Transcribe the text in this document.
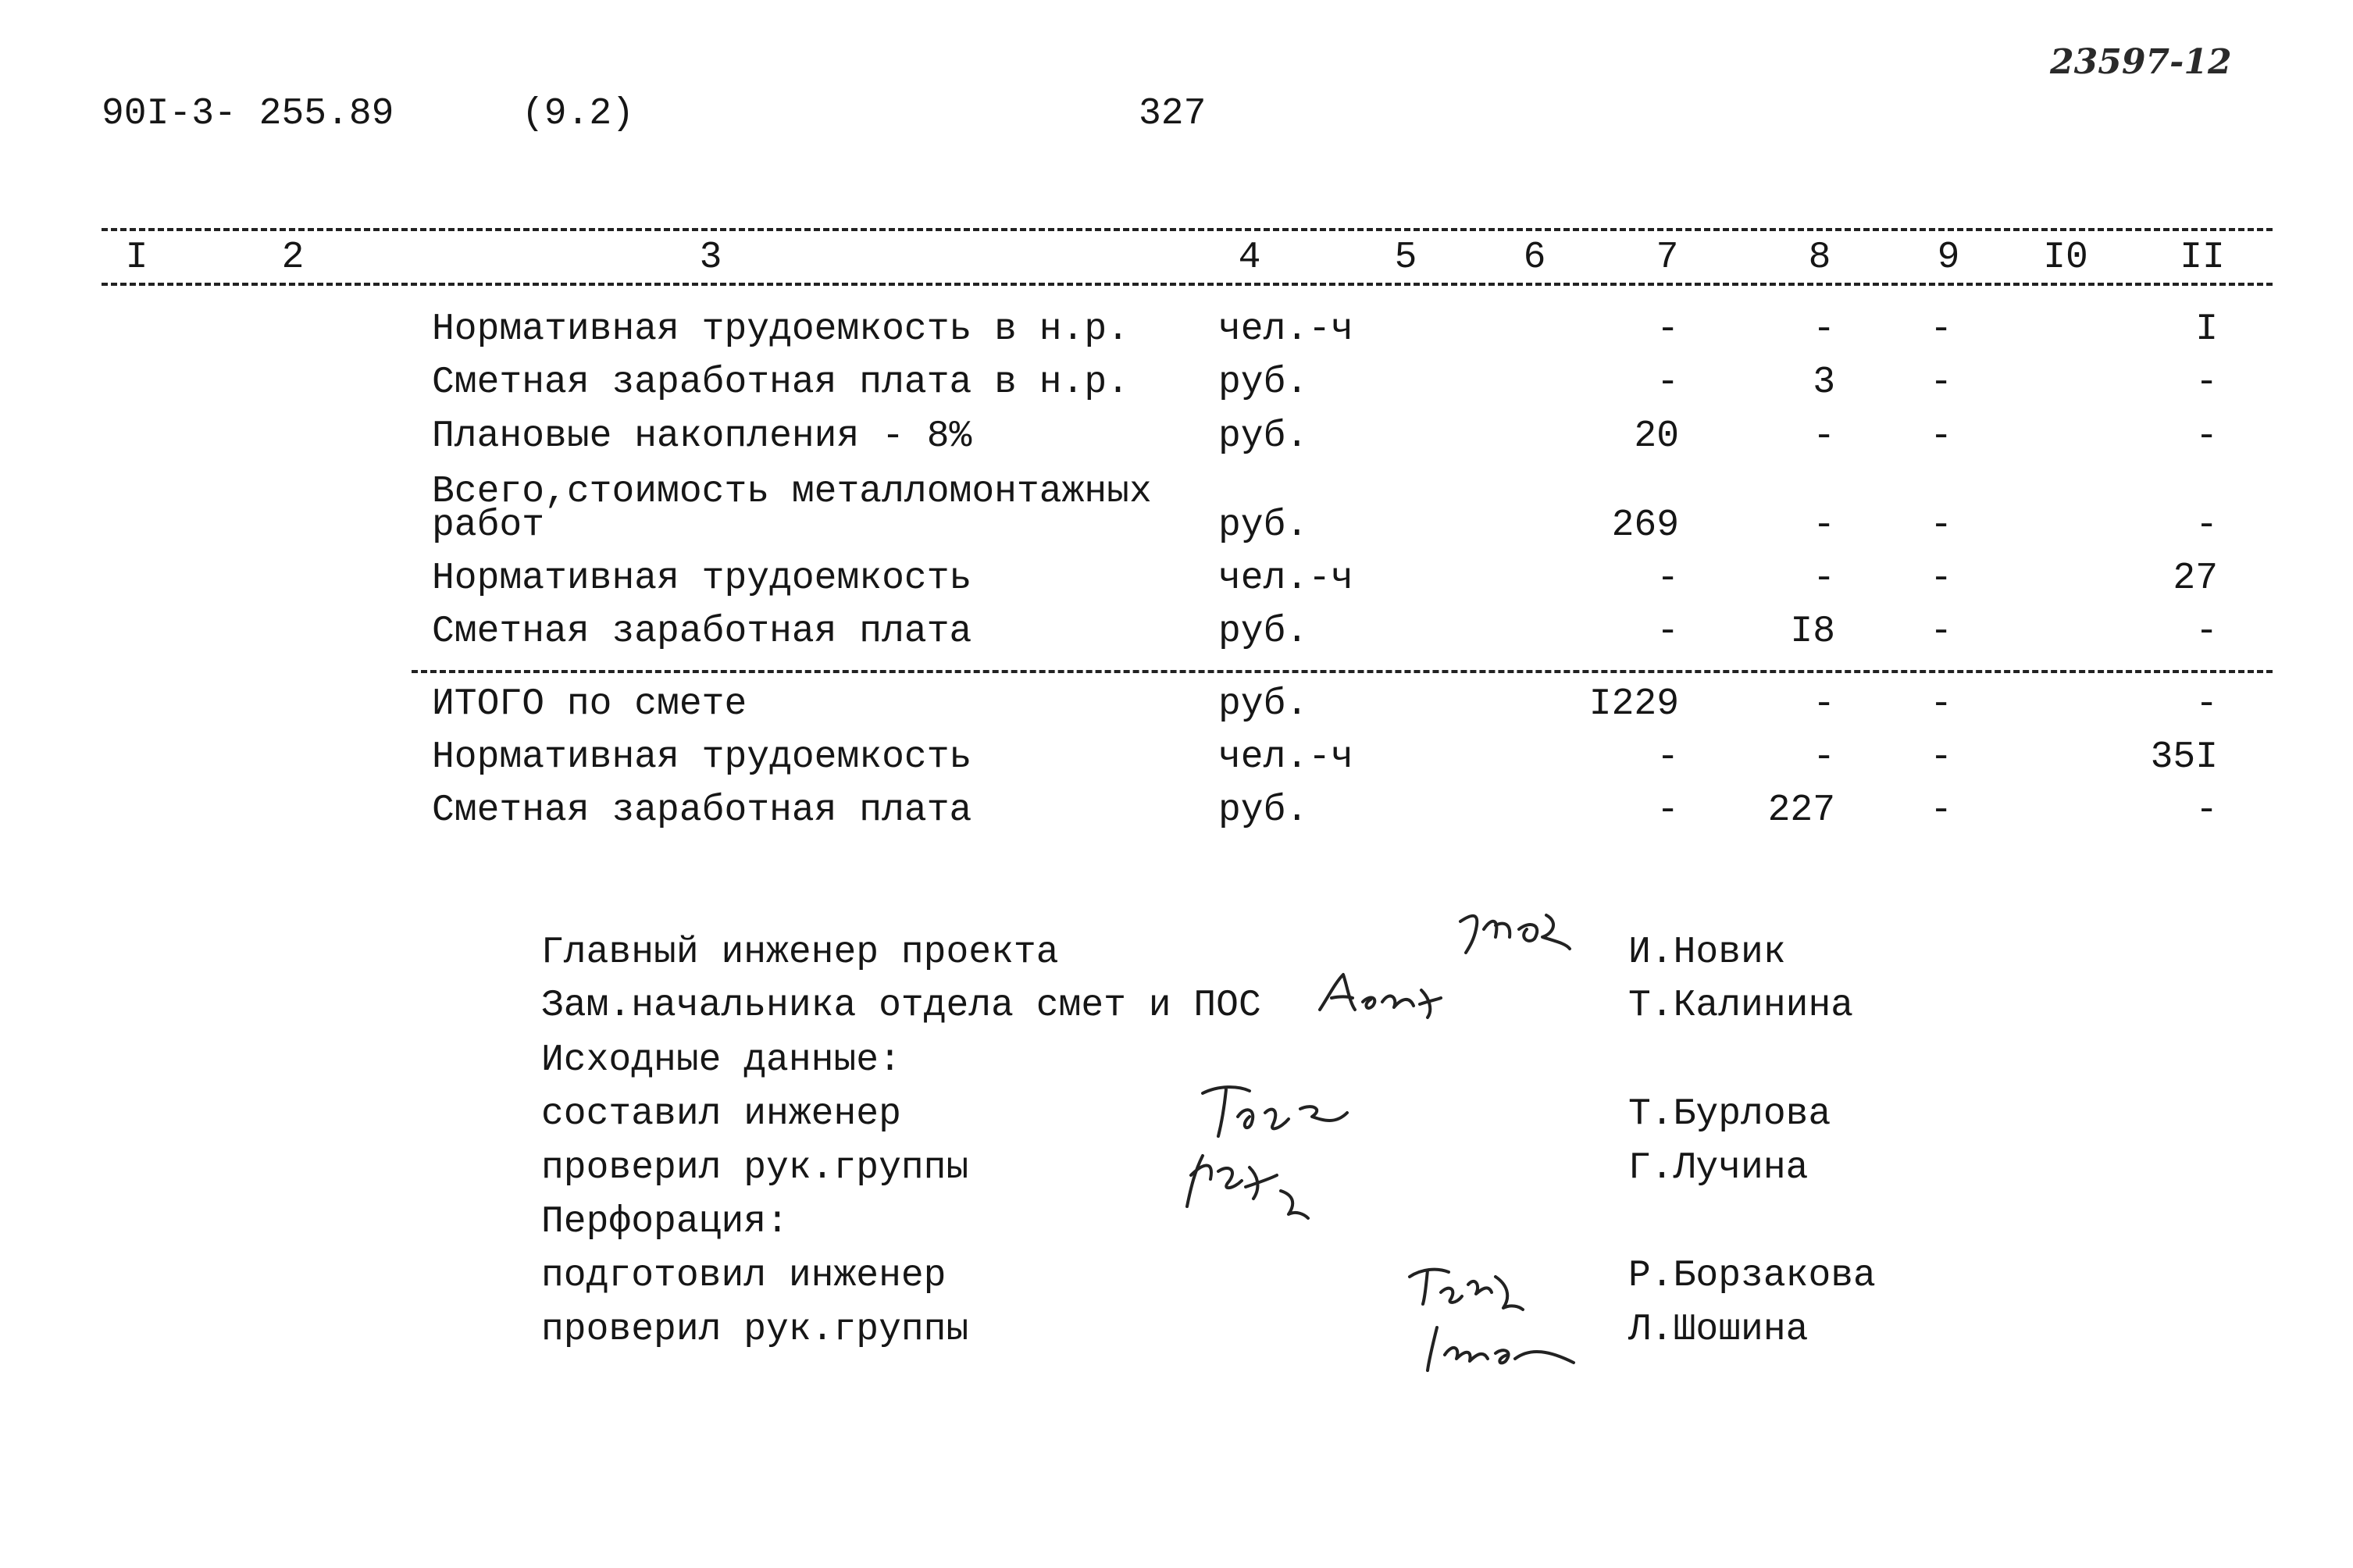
90I-3- 255.89	(9.2)	327
23597-12
I	2	3	4	5	6	7	8	9	I0	II
Нормативная трудоемкость в н.р. чел.-ч	-	-	-	I
Сметная заработная плата в н.р. руб.	-	3	-	-
Плановые накопления - 8%	руб.	20	-	-	-
Всего,стоимость металломонтажных
работ	руб.	269	-	-	-
Нормативная трудоемкость	чел.-ч	-	-	-	27
Сметная заработная плата	руб.	-	I8	-	-
ИТОГО по смете	руб.	I229	-	-	-
Нормативная трудоемкость	чел.-ч	-	-	-	35I
Сметная заработная плата	руб.	-	227	-	-
Главный инженер проекта	И.Новик
Зам.начальника отдела смет и ПОС	Т.Калинина
Исходные данные:
составил инженер	Т.Бурлова
проверил рук.группы	Г.Лучина
Перфорация:
подготовил инженер	Р.Борзакова
проверил рук.группы	Л.Шошина
